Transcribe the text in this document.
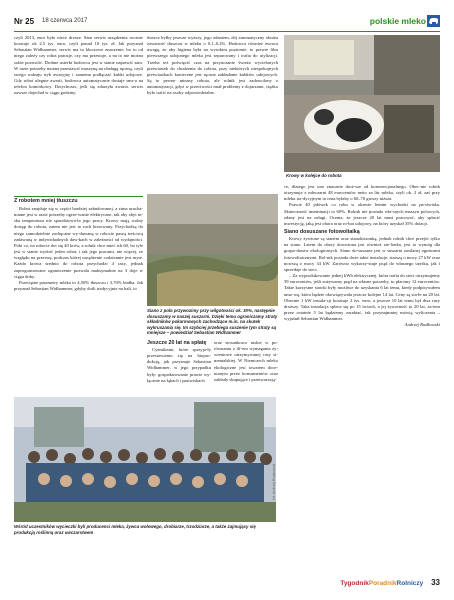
Nr 25 18 czerwca 2017	polskie mleko
czyli 2013, euro było niece drosze. Sam serwis urządzenia rocznie kosztuje ok 2,5 tys. euro, czyli ponad 10 tys. zł. Jak przyznał Sebastian Widhammer, serwis ma tu kluczowe znaczenie, bo to od niego zależy czy robot pracuje, czy ma przestoje, a na to nie można sobie pozwolić. Drobne usterki hodowca jest w stanie naprawić sam. W razie potrzeby można przestawić maszynę na obsługę ręczną, czyli swego rodzaju tryb awaryjny i samemu podłączać kubki udojowe. Gdy robot ulegnie awarii, hodowca automatycznie dostaje sms-a na telefon komórkowy. Dotychczas, jeśli się zdarzyła awaria, serwis zawsze dojechał w ciągu godziny.
Z robotem mniej tłuszczu
Robot znajduje się w części bardziej zabudowanej, a zima urucha-miane jest w razie potrzeby ogrze-wanie elektryczne, tak aby zbyt ni-ska temperatura nie sparaliżowa-ła jego pracy. Krowy mają wolny dostęp do robota, zatem nie jest to ruch kierowany. Przychodzą do niego samodzielnie zachęcane wy-dawaną w robocie paszą treściwą zadawaną w indywidualnych daw-kach w zależności od wydajności. Póki co, na robocie doi się 40 krów, a rolnik chce mieć ich 60, bo tyle jest w stanie wydoić jeden robot, i tak jego pracami, nie więcej, ze względu na przerwę, podczas której urządzenie codziennie jest myte. Każda krowa średnio do robota przychodzi 4 razy, jednak zaprogramowane ograniczenie pozwala maksymalnie na 3 doje w ciągu doby.
Przeciętne parametry mleka to 4,50% tłuszczu i 3,70% białka. Jak przyznał Sebastian Widhammer, gdyby doili tradycyjnie na hali, to
tłuszcz byłby jeszcze wyższy, jego zdaniem, dój automatyczny obniża zawartość tłuszczu w mleku o 0,1–0,2%. Hodowca również zwraca uwagę, że aby higiena była na wysokim poziomie, to prawie film pierwszego udojonego mleka jest separowany i trafia do utylizacji. Trzeba też poświęcić czas na przyuczanie świeżo wycielonych pierwiastek do chodzenia do robota, przy niektórych niespokojnych pierwiastkach konieczne jest ręczne zakładanie kubków udojowych. Są to pewne minusy robota, ale rolnik jest zadowolony z automatyzacji, gdyż w przeciwości miał problemy z dojarzami, ciężko było trafić na osoby odpowiedzialne.
Krowy w kolejce do robota
ce, dlatego jest ono znacznie droż-sze od konwencjonalnego. Obec-nie rolnik otrzymuje z mleczarni 48 eurocentów netto za litr mleka, czyli ok. 2 zł, zaś przy mleku tra-dycyjnym ta cena byłaby o 60–70 groszy niższa.
Prawie 40 jałówek co roku w okresie letnim wychodzi na pa-stwiska. Skuteczność inseminacji to 60%. Rolnik nie posiada wła-snych maszyn polowych, zdany jest na usługi. Ocenia, że jeszcze 20 lat musi pracować, aby spłacić inwestycję, jaką jest obora oraz ro-bot udojowy, na który uzyskał 35% dotacji.
Siano dosuszane fotowoltaiką
Krowy żywione są sianem oraz sianokiszonką, jednak rolnik chce przejść tylko na siano. Latem do obory dowożona jest również zie-lonka, jest to wymóg dla gospo-darstw ekologicznych. Siano do-suszane jest w suszarni zasilanej ogniwami fotowoltaicznymi. Rol-nik posiada dwie takie instalacje, starszą o mocy 27 kW oraz nowszą o mocy 34 kW. Zarówno wykorzy-stuje prąd do własnego użytku, jak i sprzedaje do sieci.
– Za wyprodukowanie jednej kWh elektrycznej, która trafia do sieci otrzymujemy 39 eurocentów, jeśli zużywamy prąd na własne potrzeby, to płacimy 12 eurocentów. Takie korzystne stawki były możliwe do uzyskania 6 lat temu, kiedy podpisywałem umo-wę, która będzie obowiązywała jeszcze kolejne 14 lat. Ceny są sta-łe na 20 lat. Obecnie 1 kW instala-cji kosztuje 2 tys. euro, a jeszcze 10 lat temu był dwa razy droższy. Taka instalacja spłaca się po 15 la-tach, a jej żywotność to 20 lat, za-tem przez ostatnie 5 lat będziemy zarabiać, tak przynajmniej mówią wyliczenia – wyjaśnił Sebastian Widhammer.
Andrzej Rudkowski
Siano z pola przywozimy przy wilgotności ok. 30%, następnie dosuszamy w naszej suszarni. Dzięki temu ograniczamy straty składników pokarmowych zachodzące m.in. na skutek wykruszania się. Im szybciej przebiega suszenie tym straty są mniejsze – powiedział Sebastian Widhammer
Jeszcze 20 lat na spłatę
Cyzmikami, które sprzyja-ły przestawieniu się na biopro-dukcję, jak przyznaje Sebastian Widhammer, w jego przypadku były: gospodarowanie prawie wy-łącznie na łąkach i pastwiskach
oraz stosunkowo niskie w po-równaniu z ilf-em wymagania ży-wieniowe utrzymywanej rasy si-mentalskiej. W Niemczech mleko ekologiczne jest towarem doce-nianym przez konsumentów oraz zakłady skupujące i przetwarzają-
fot. Andrzej Rudkowski
Wśród uczestników wycieczki byli producenci mleka, żywca wołowego, drobiarze, trzodziarze, a także zajmujący się produkcją roślinną oraz uwczarstwem
TygodnikPoradnikRolniczy 33
